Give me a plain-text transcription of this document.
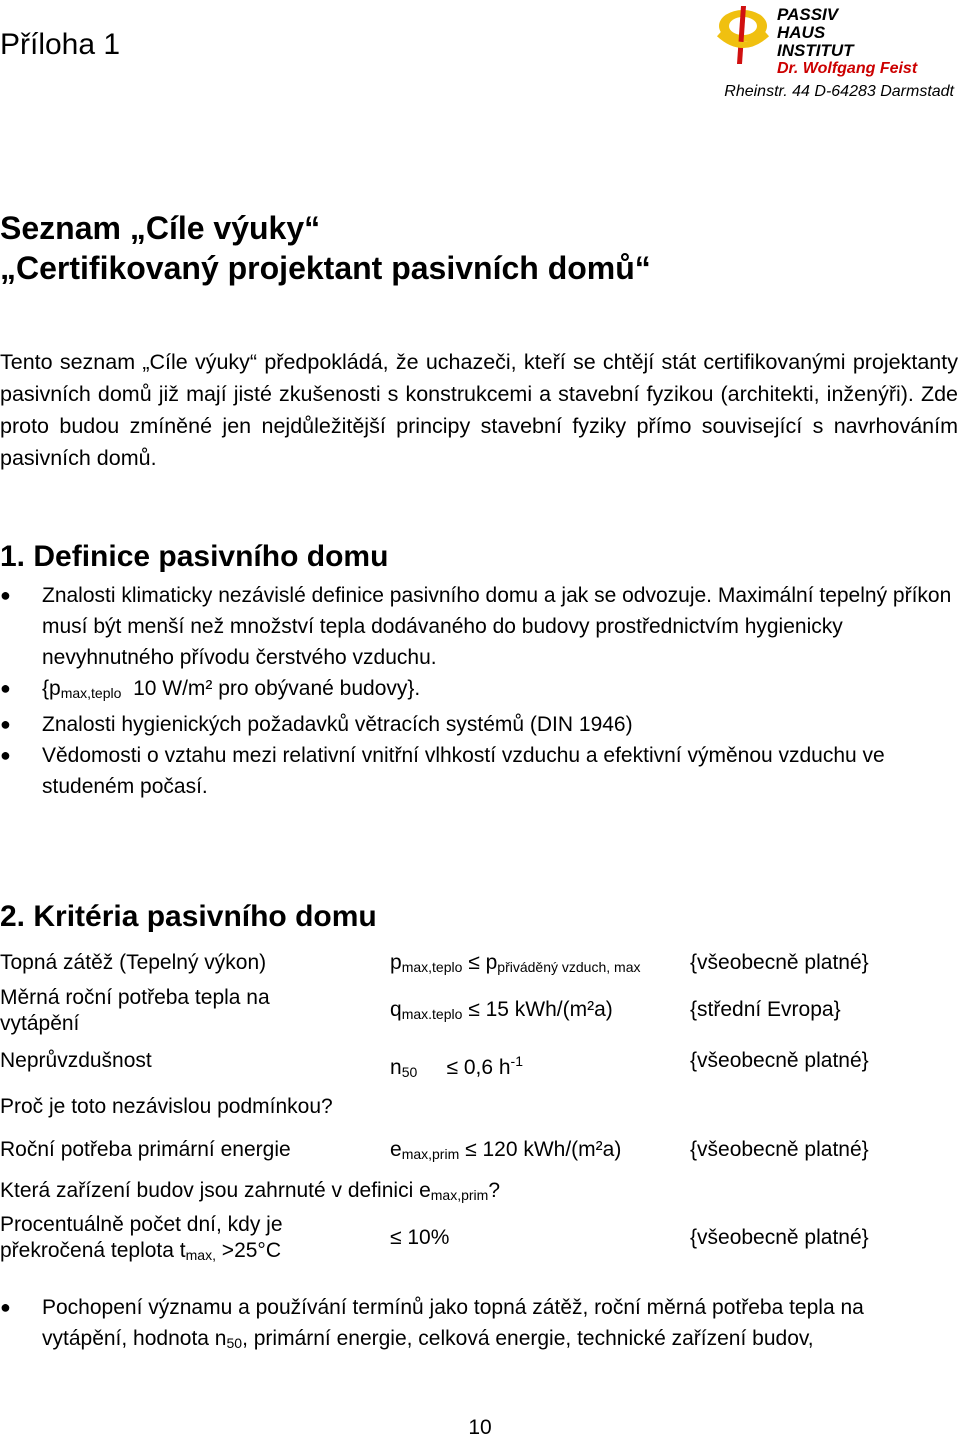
Příloha 1
PASSIV
HAUS
INSTITUT
Dr. Wolfgang Feist
Rheinstr. 44 D-64283 Darmstadt
Seznam „Cíle výuky“
„Certifikovaný projektant pasivních domů“

Tento seznam „Cíle výuky“ předpokládá, že uchazeči, kteří se chtějí stát certifikovanými projektanty pasivních domů již mají jisté zkušenosti s konstrukcemi a stavební fyzikou (architekti, inženýři). Zde proto budou zmíněné jen nejdůležitější principy stavební fyziky přímo související s navrhováním pasivních domů.

1. Definice pasivního domu
● Znalosti klimaticky nezávislé definice pasivního domu a jak se odvozuje. Maximální tepelný příkon musí být menší než množství tepla dodávaného do budovy prostřednictvím hygienicky nevyhnutného přívodu čerstvého vzduchu.
● {$p_{max,teplo}$ 10 W/m² pro obývané budovy}.
● Znalosti hygienických požadavků větracích systémů (DIN 1946)
● Vědomosti o vztahu mezi relativní vnitřní vlhkostí vzduchu a efektivní výměnou vzduchu ve studeném počasí.
2. Kritéria pasivního domu
Topná zátěž (Tepelný výkon)	$p_{max,teplo} \le p_{přiváděný vzduch, max}$ {všeobecně platné}
Měrná roční potřeba tepla na
vytápění
$q_{max.teplo} \le 15$ kWh/(m²a)	{střední Evropa}
Neprůvzdušnost	$n_{50} \le 0,6$ $h^{-1}$	{všeobecně platné}
Proč je toto nezávislou podmínkou?
Roční potřeba primární energie	$e_{max,prim} \le 120$ kWh/(m²a)	{všeobecně platné}
Která zařízení budov jsou zahrnuté v definici $e_{max,prim}$?
Procentuálně počet dní, kdy je
překročená teplota $t_{max,} >25^\circ C$
≤ 10%	{všeobecně platné}
● Pochopení významu a používání termínů jako topná zátěž, roční měrná potřeba tepla na
vytápění, hodnota $n_{50}$, primární energie, celková energie, technické zařízení budov,
10
